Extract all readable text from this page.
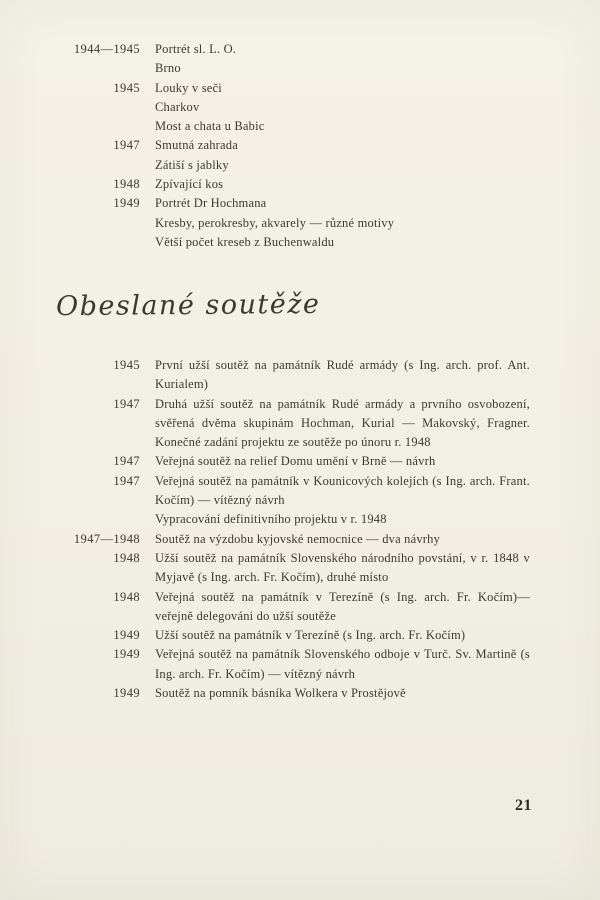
1944—1945 Portrét sl. L. O.
Brno
1945 Louky v seči
Charkov
Most a chata u Babic
1947 Smutná zahrada
Zátiší s jablky
1948 Zpívající kos
1949 Portrét Dr Hochmana
Kresby, perokresby, akvarely — různé motivy
Větší počet kreseb z Buchenwaldu
Obeslané soutěže
1945	První užší soutěž na památník Rudé armády (s Ing. arch. prof. Ant. Kurialem)
1947	Druhá užší soutěž na památník Rudé armády a prvního osvobození, svěřená dvěma skupinám Hochman, Kurial — Makovský, Fragner. Konečné zadání projektu ze soutěže po únoru r. 1948
1947	Veřejná soutěž na relief Domu umění v Brně — návrh
1947	Veřejná soutěž na památník v Kounicových kolejích (s Ing. arch. Frant. Kočím) — vítězný návrh
Vypracování definitivního projektu v r. 1948
1947—1948	Soutěž na výzdobu kyjovské nemocnice — dva návrhy
1948	Užší soutěž na památník Slovenského národního povstání, v r. 1848 v Myjavě (s Ing. arch. Fr. Kočím), druhé místo
1948	Veřejná soutěž na památník v Terezíně (s Ing. arch. Fr. Kočím)— veřejně delegováni do užší soutěže
1949	Užší soutěž na památník v Terezíně (s Ing. arch. Fr. Kočím)
1949	Veřejná soutěž na památník Slovenského odboje v Turč. Sv. Martině (s Ing. arch. Fr. Kočím) — vítězný návrh
1949	Soutěž na pomník básníka Wolkera v Prostějově
21
